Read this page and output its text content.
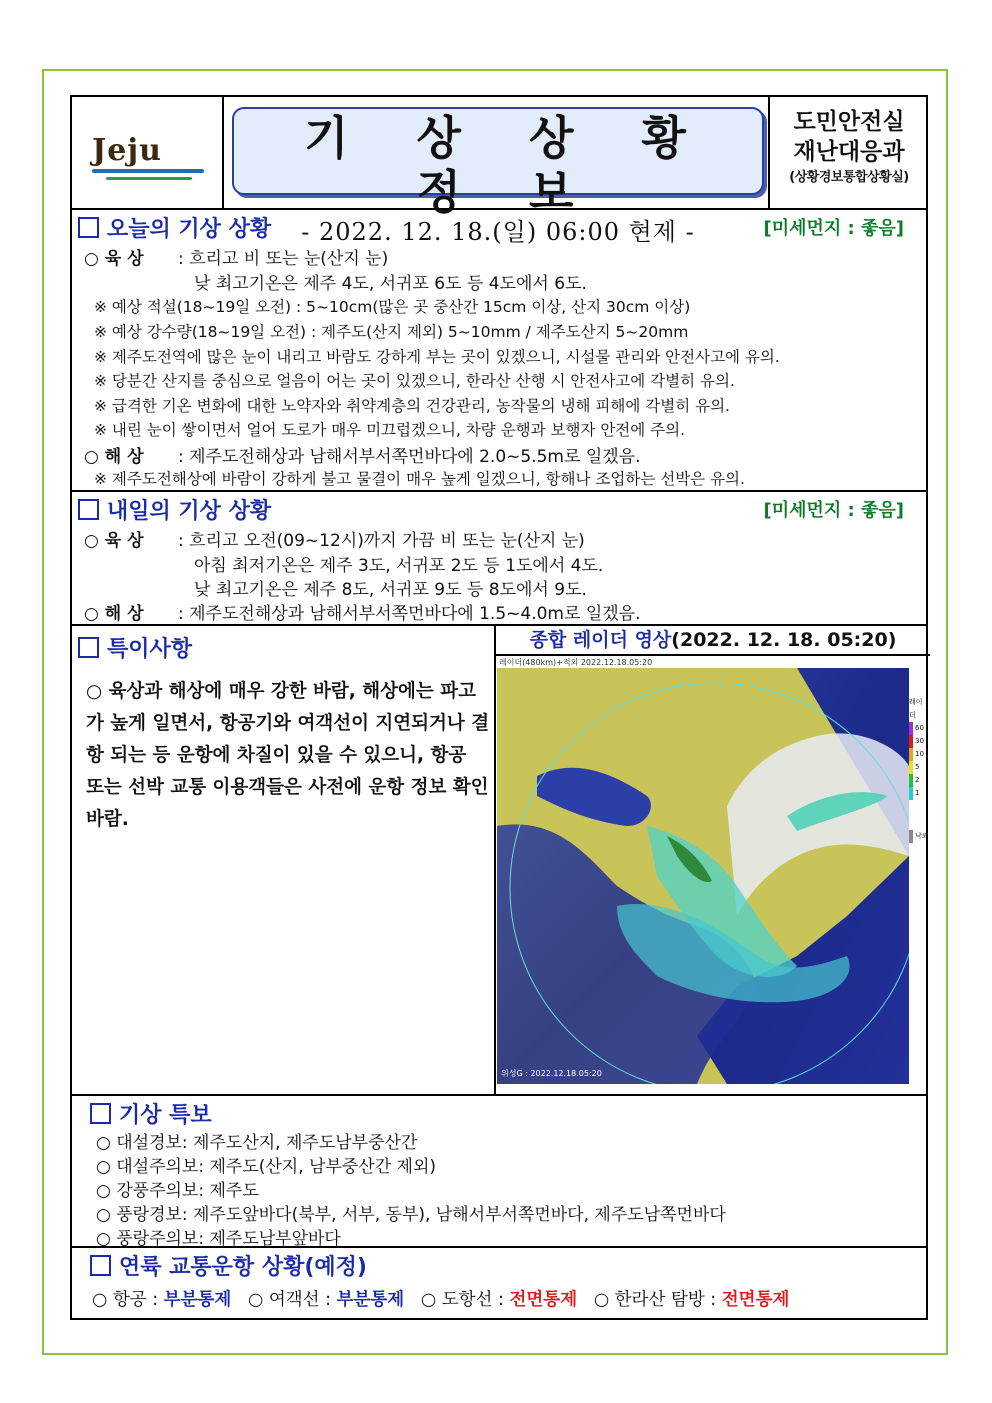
Jeju	기 상 상 황 정 보
- 2022. 12. 18.(일) 06:00 현제 -
도민안전실
재난대응과
(상황경보통합상황실)
오늘의 기상 상황	[미세먼지 : 좋음]
○ 육 상 : 흐리고 비 또는 눈(산지 눈)
낮 최고기온은 제주 4도, 서귀포 6도 등 4도에서 6도.
※ 예상 적설(18~19일 오전) : 5~10cm(많은 곳 중산간 15cm 이상, 산지 30cm 이상)
※ 예상 강수량(18~19일 오전) : 제주도(산지 제외) 5~10mm / 제주도산지 5~20mm
※ 제주도전역에 많은 눈이 내리고 바람도 강하게 부는 곳이 있겠으니, 시설물 관리와 안전사고에 유의.
※ 당분간 산지를 중심으로 얼음이 어는 곳이 있겠으니, 한라산 산행 시 안전사고에 각별히 유의.
※ 급격한 기온 변화에 대한 노약자와 취약계층의 건강관리, 농작물의 냉해 피해에 각별히 유의.
※ 내린 눈이 쌓이면서 얼어 도로가 매우 미끄럽겠으니, 차량 운행과 보행자 안전에 주의.
○ 해 상 : 제주도전해상과 남해서부서쪽먼바다에 2.0~5.5m로 일겠음.
※ 제주도전해상에 바람이 강하게 불고 물결이 매우 높게 일겠으니, 항해나 조업하는 선박은 유의.
내일의 기상 상황	[미세먼지 : 좋음]
○ 육 상 : 흐리고 오전(09~12시)까지 가끔 비 또는 눈(산지 눈)
아침 최저기온은 제주 3도, 서귀포 2도 등 1도에서 4도.
낮 최고기온은 제주 8도, 서귀포 9도 등 8도에서 9도.
○ 해 상 : 제주도전해상과 남해서부서쪽먼바다에 1.5~4.0m로 일겠음.
특이사항
○ 육상과 해상에 매우 강한 바람, 해상에는 파고가 높게 일면서, 항공기와 여객선이 지연되거나 결항 되는 등 운항에 차질이 있을 수 있으니, 항공 또는 선박 교통 이용객들은 사전에 운항 정보 확인 바람.
종합 레이더 영상(2022. 12. 18. 05:20)
레이더(480km)+적외 2022.12.18.05:20
위성G : 2022.12.18.05:20
레이더
60
30
10
5
2
1
낙뢰
기상 특보
○ 대설경보: 제주도산지, 제주도남부중산간
○ 대설주의보: 제주도(산지, 남부중산간 제외)
○ 강풍주의보: 제주도
○ 풍랑경보: 제주도앞바다(북부, 서부, 동부), 남해서부서쪽먼바다, 제주도남쪽먼바다
○ 풍랑주의보: 제주도남부앞바다
연륙 교통운항 상황(예정)
○ 항공 : 부분통제 ○ 여객선 : 부분통제 ○ 도항선 : 전면통제 ○ 한라산 탐방 : 전면통제
